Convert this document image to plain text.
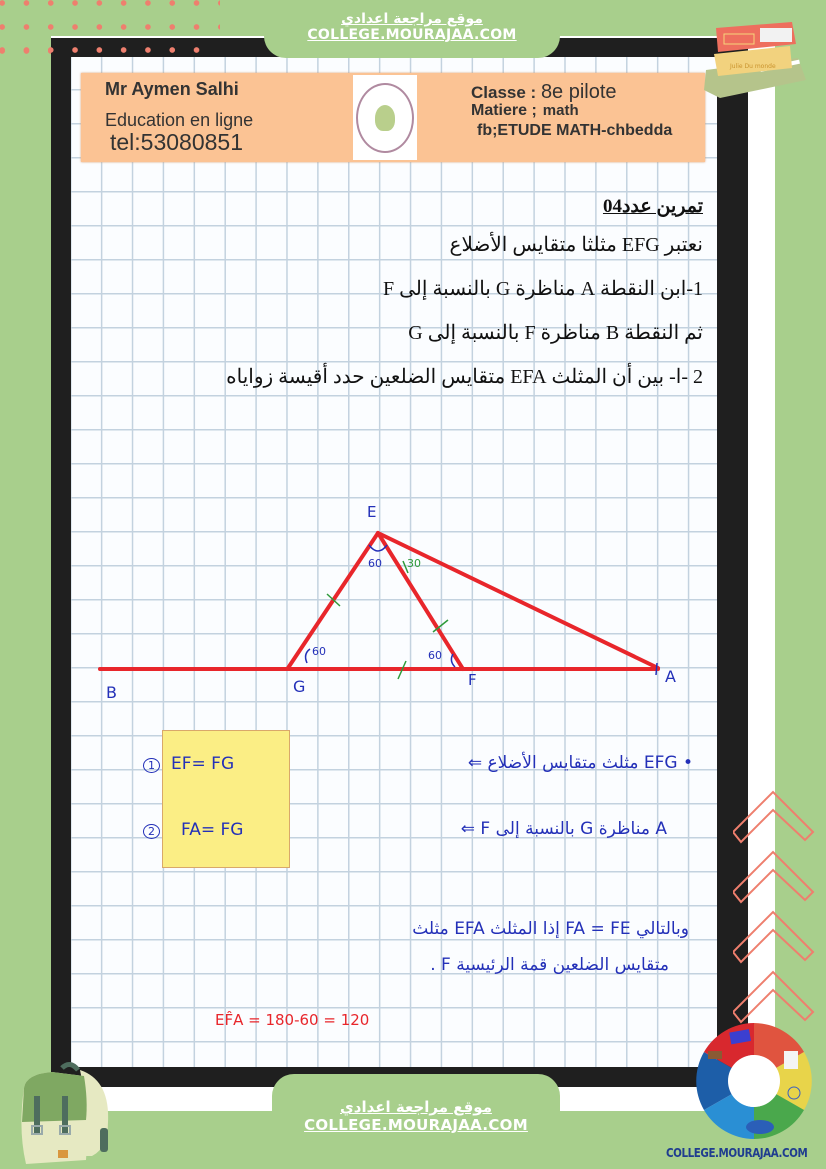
موقع مراجعة اعدادي
COLLEGE.MOURAJAA.COM
Mr Aymen Salhi
Education en ligne
tel:53080851
Classe : 8e pilote
Matiere ; math
fb;ETUDE MATH-chbedda
تمرين عدد04
نعتبر EFG مثلثا متقايس الأضلاع
1-ابن النقطة A مناظرة G بالنسبة إلى F
ثم النقطة B مناظرة F بالنسبة إلى G
2 -ا- بين أن المثلث EFA متقايس الضلعين حدد أقيسة زواياه
E
B	G	F	A
60 30
60	60
1 EF= FG
2 FA= FG
• EFG مثلث متقايس الأضلاع ⇐
A مناظرة G بالنسبة إلى F ⇐
وبالتالي FA = FE إذا المثلث EFA مثلث
متقايس الضلعين قمة الرئيسية F .
EF̂A = 180-60 = 120
موقع مراجعة اعدادي
COLLEGE.MOURAJAA.COM
Julie Du monde
COLLEGE.MOURAJAA.COM
